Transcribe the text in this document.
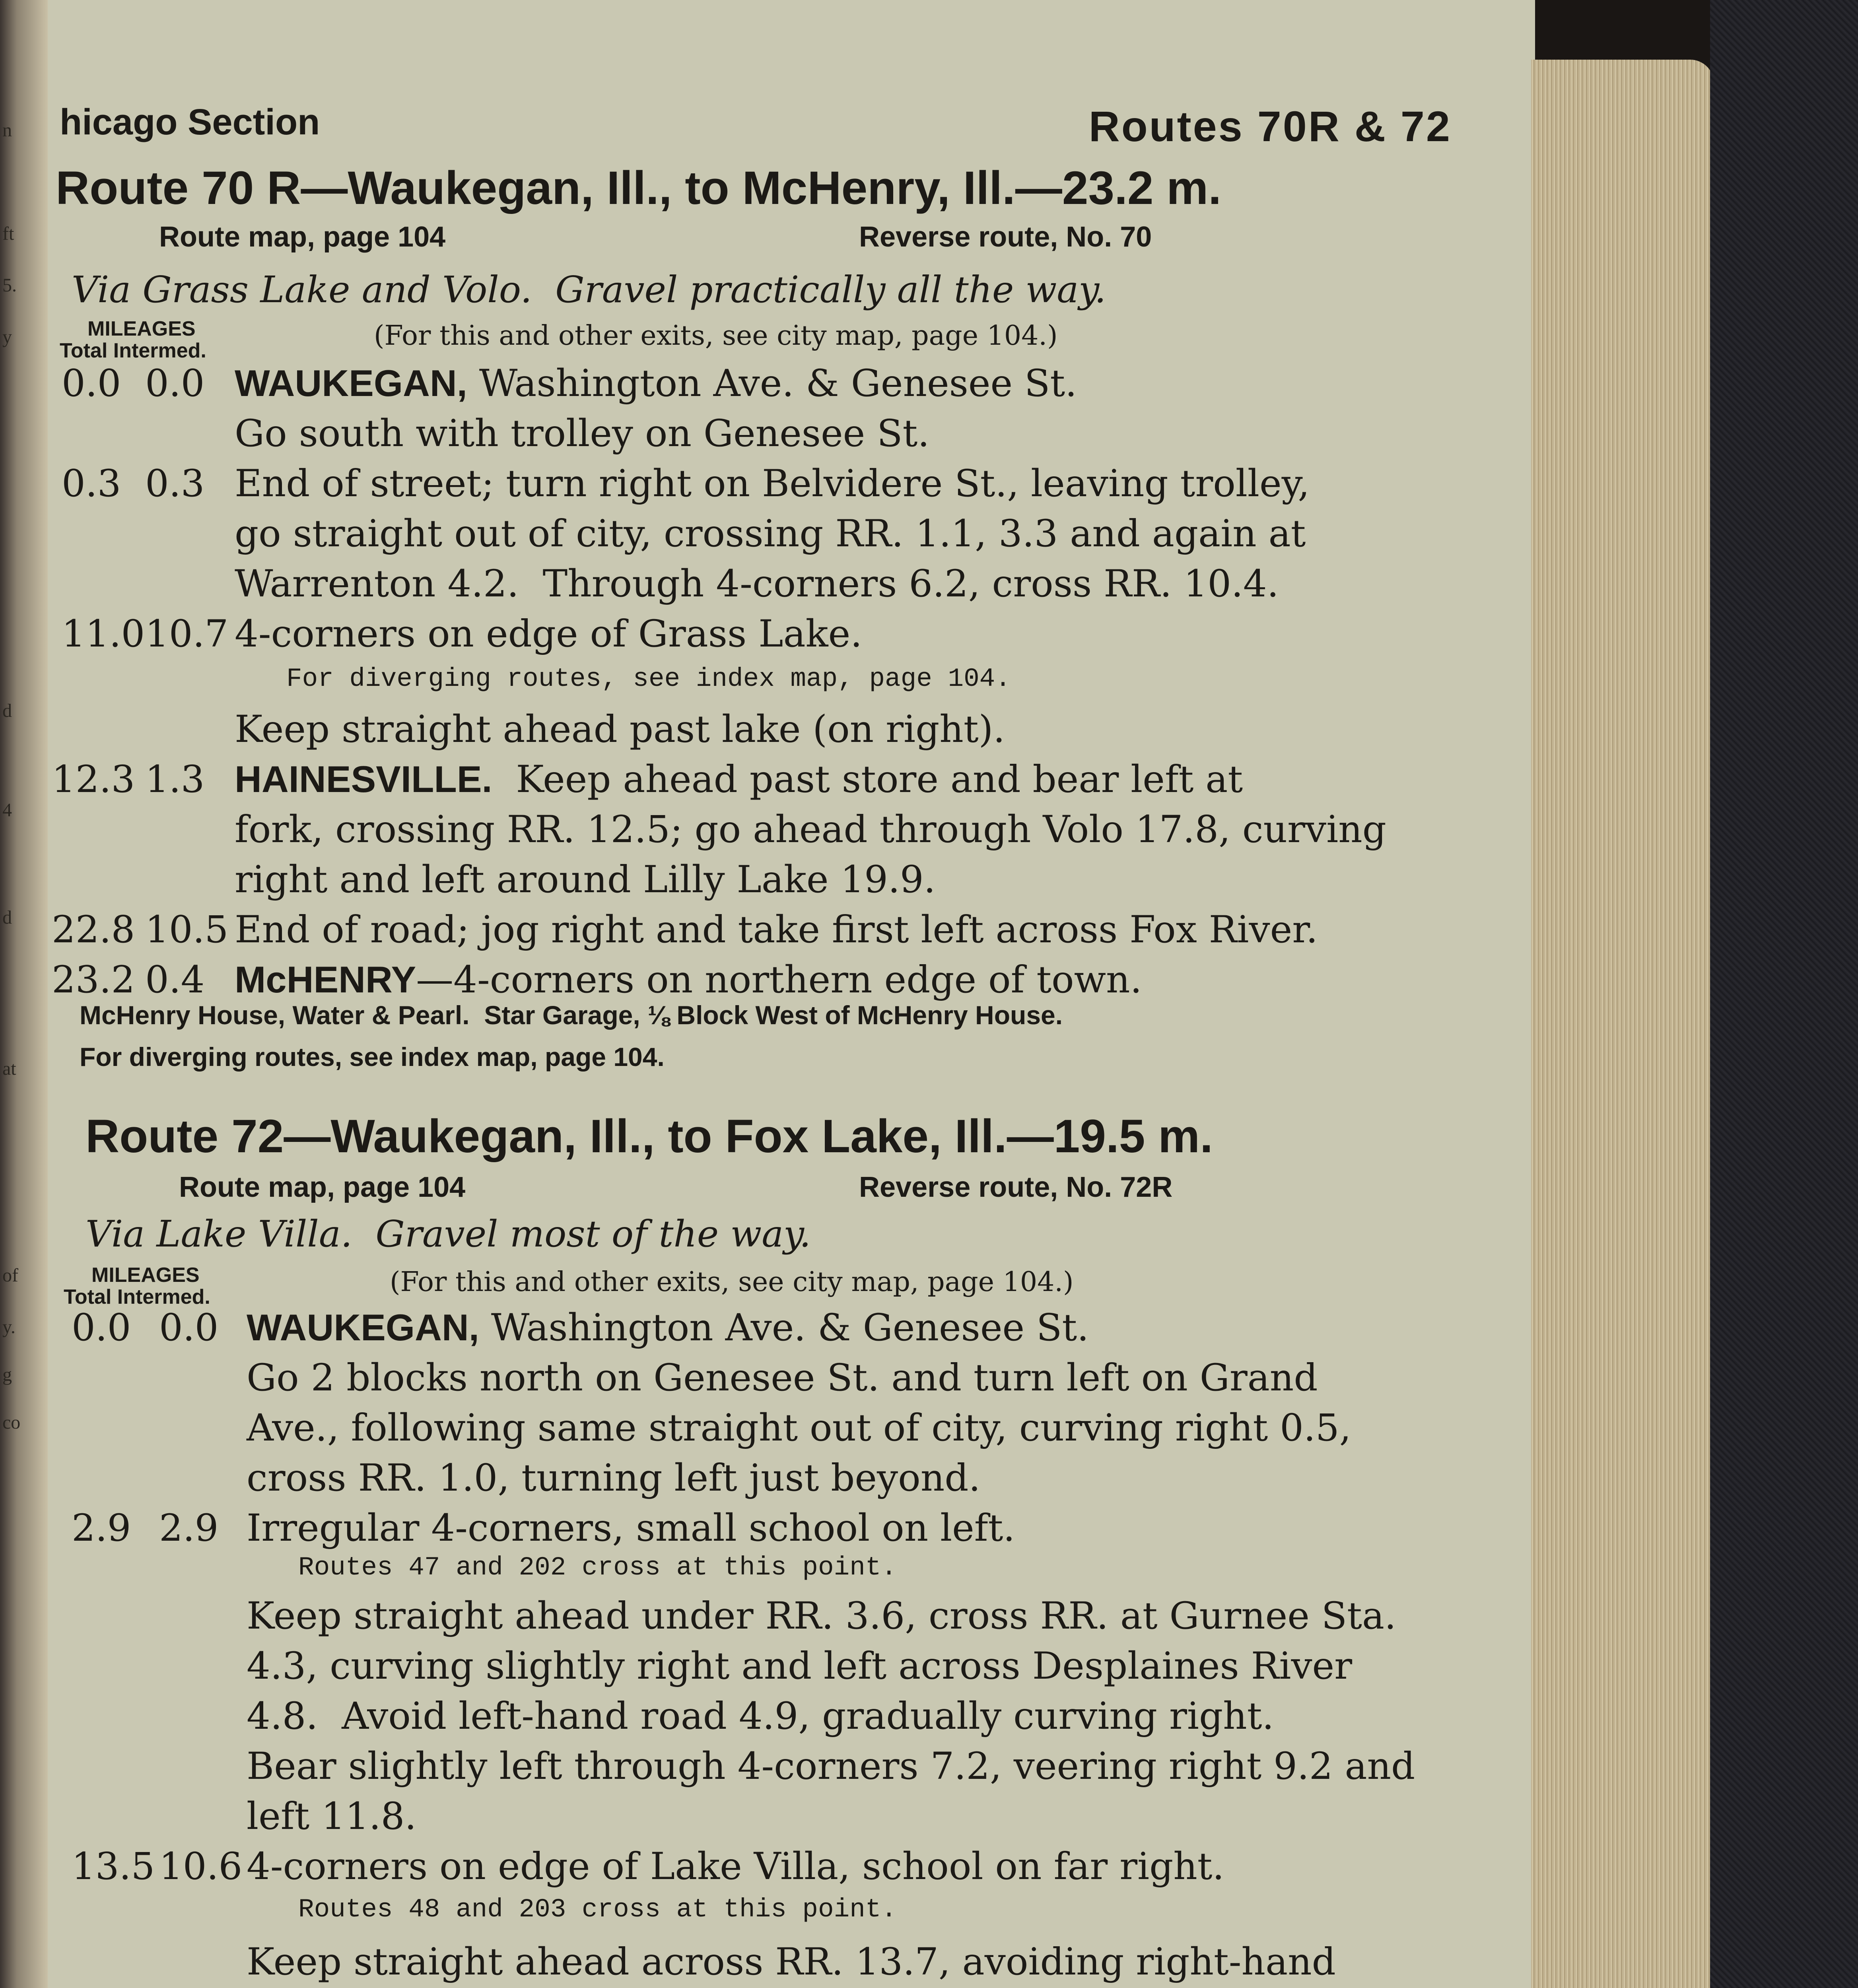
n
ft
5.
y
d
4
d
at
of
y.
g
co
hicago Section	Routes 70R & 72
Route 70 R—Waukegan, Ill., to McHenry, Ill.—23.2 m.
Route map, page 104	Reverse route, No. 70
Via Grass Lake and Volo.  Gravel practically all the way.
MILEAGES
Total Intermed.	(For this and other exits, see city map, page 104.)
0.0 0.0 WAUKEGAN, Washington Ave. & Genesee St.
Go south with trolley on Genesee St.
0.3 0.3 End of street; turn right on Belvidere St., leaving trolley,
go straight out of city, crossing RR. 1.1, 3.3 and again at
Warrenton 4.2.  Through 4-corners 6.2, cross RR. 10.4.
11.0 10.7 4-corners on edge of Grass Lake.
For diverging routes, see index map, page 104.
Keep straight ahead past lake (on right).
12.3 1.3 HAINESVILLE.  Keep ahead past store and bear left at
fork, crossing RR. 12.5; go ahead through Volo 17.8, curving
right and left around Lilly Lake 19.9.
22.8 10.5 End of road; jog right and take first left across Fox River.
23.2 0.4 McHENRY—4-corners on northern edge of town.
McHenry House, Water & Pearl.  Star Garage, ⅛ Block West of McHenry House.
For diverging routes, see index map, page 104.
Route 72—Waukegan, Ill., to Fox Lake, Ill.—19.5 m.
Route map, page 104	Reverse route, No. 72R
Via Lake Villa.  Gravel most of the way.
MILEAGES
Total Intermed.	(For this and other exits, see city map, page 104.)
0.0 0.0 WAUKEGAN, Washington Ave. & Genesee St.
Go 2 blocks north on Genesee St. and turn left on Grand
Ave., following same straight out of city, curving right 0.5,
cross RR. 1.0, turning left just beyond.
2.9 2.9 Irregular 4-corners, small school on left.
Routes 47 and 202 cross at this point.
Keep straight ahead under RR. 3.6, cross RR. at Gurnee Sta.
4.3, curving slightly right and left across Desplaines River
4.8.  Avoid left-hand road 4.9, gradually curving right.
Bear slightly left through 4-corners 7.2, veering right 9.2 and
left 11.8.
13.5 10.6 4-corners on edge of Lake Villa, school on far right.
Routes 48 and 203 cross at this point.
Keep straight ahead across RR. 13.7, avoiding right-hand
